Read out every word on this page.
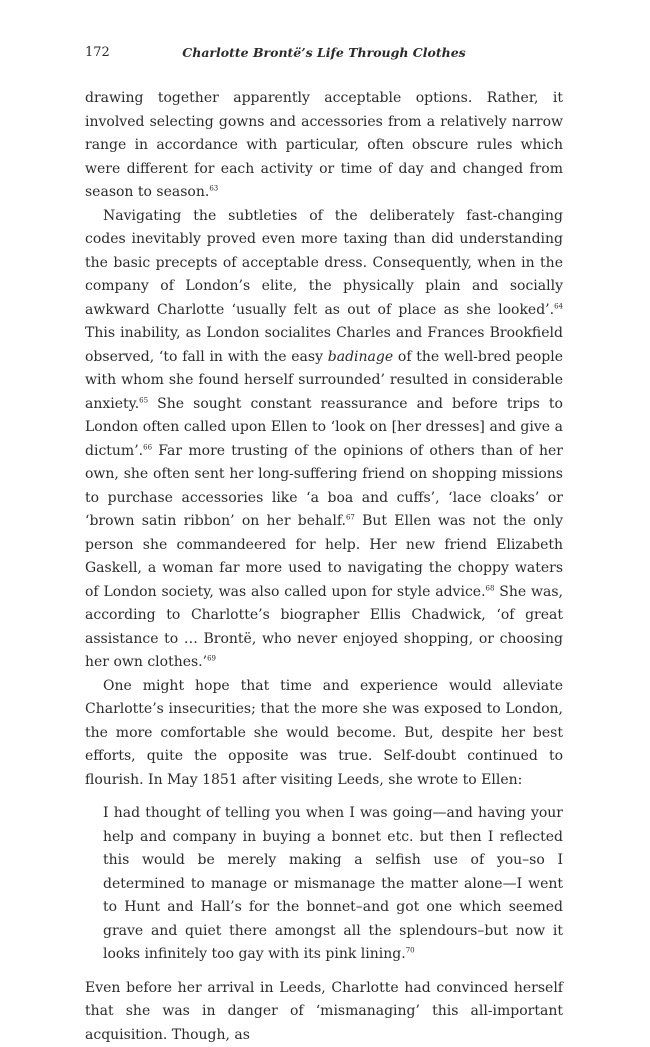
172	Charlotte Brontë’s Life Through Clothes

drawing together apparently acceptable options. Rather, it involved selecting gowns and accessories from a relatively narrow range in accordance with particular, often obscure rules which were different for each activity or time of day and changed from season to season.$^{63}$

Navigating the subtleties of the deliberately fast-changing codes inevitably proved even more taxing than did understanding the basic precepts of acceptable dress. Consequently, when in the company of London’s elite, the physically plain and socially awkward Charlotte ‘usually felt as out of place as she looked’.$^{64}$ This inability, as London socialites Charles and Frances Brookfield observed, ‘to fall in with the easy badinage of the well-bred people with whom she found herself surrounded’ resulted in considerable anxiety.$^{65}$ She sought constant reassurance and before trips to London often called upon Ellen to ‘look on [her dresses] and give a dictum’.$^{66}$ Far more trusting of the opinions of others than of her own, she often sent her long-suffering friend on shopping missions to purchase accessories like ‘a boa and cuffs’, ‘lace cloaks’ or ‘brown satin ribbon’ on her behalf.$^{67}$ But Ellen was not the only person she commandeered for help. Her new friend Elizabeth Gaskell, a woman far more used to navigating the choppy waters of London society, was also called upon for style advice.$^{68}$ She was, according to Charlotte’s biographer Ellis Chadwick, ‘of great assistance to … Brontë, who never enjoyed shopping, or choosing her own clothes.’$^{69}$

One might hope that time and experience would alleviate Charlotte’s insecurities; that the more she was exposed to London, the more comfortable she would become. But, despite her best efforts, quite the opposite was true. Self-doubt continued to flourish. In May 1851 after visiting Leeds, she wrote to Ellen:

I had thought of telling you when I was going—and having your help and company in buying a bonnet etc. but then I reflected this would be merely making a selfish use of you–so I determined to manage or mismanage the matter alone—I went to Hunt and Hall’s for the bonnet–and got one which seemed grave and quiet there amongst all the splendours–but now it looks infinitely too gay with its pink lining.$^{70}$

Even before her arrival in Leeds, Charlotte had convinced herself that she was in danger of ‘mismanaging’ this all-important acquisition. Though, as
